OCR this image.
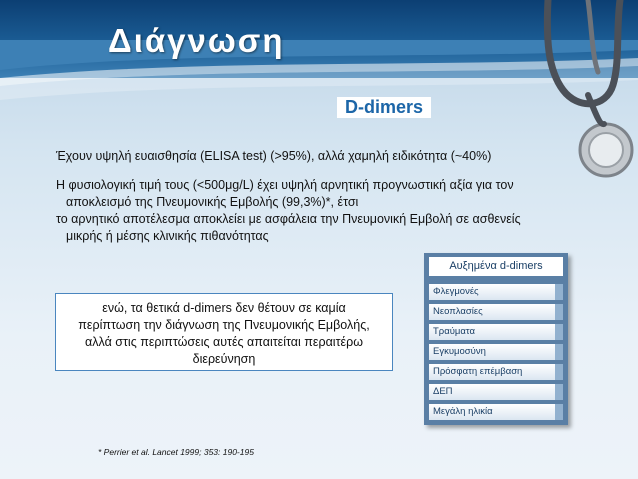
Διάγνωση
D-dimers
Έχουν υψηλή ευαισθησία (ELISA test) (>95%), αλλά χαμηλή ειδικότητα (~40%)
Η φυσιολογική τιμή τους (<500μg/L) έχει υψηλή αρνητική προγνωστική αξία για τον
αποκλεισμό της Πνευμονικής Εμβολής (99,3%)*, έτσι
το αρνητικό αποτέλεσμα αποκλείει με ασφάλεια την Πνευμονική Εμβολή σε ασθενείς
μικρής ή μέσης κλινικής πιθανότητας
ενώ, τα θετικά d-dimers δεν θέτουν σε καμία
περίπτωση την διάγνωση της Πνευμονικής Εμβολής,
αλλά στις περιπτώσεις αυτές απαιτείται περαιτέρω
διερεύνηση
Αυξημένα d-dimers
Φλεγμονές
Νεοπλασίες
Τραύματα
Εγκυμοσύνη
Πρόσφατη επέμβαση
ΔΕΠ
Μεγάλη ηλικία
* Perrier et al. Lancet 1999; 353: 190-195
